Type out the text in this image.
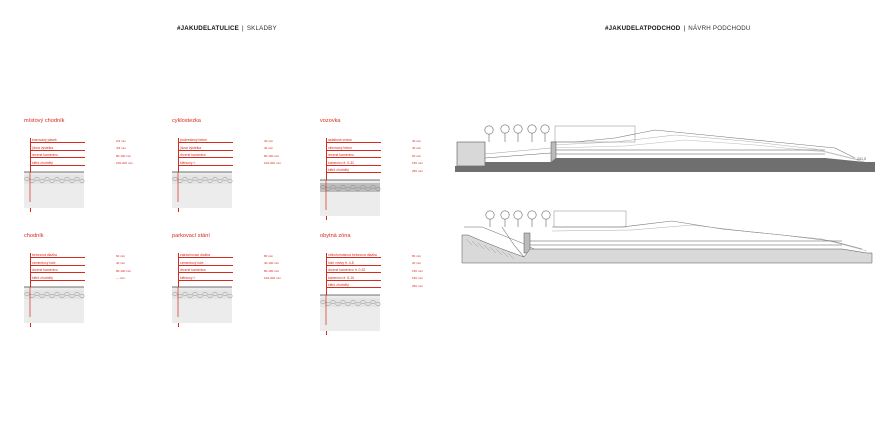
#JAKUDELATULICE | SKLADBY	#JAKUDELATPODCHOD | NÁVRH PODCHODU
místový chodník
tvarovaný pásek	2/3 mm
jílová výstelka	4/3 mm
drcené kamenivo	80-100 mm
štěrk zhutnělý	100-200 mm
cyklostezka
prokreslený beton	40 mm
jílová výstelka	40 mm
drcené kamenivo	80-100 mm
štěrkový ř.	100-200 mm
vozovka
asfaltová vrstva	40 mm
vibrovaný beton	40 mm
drcené kamenivo	60 mm
kamenivo fr. 0-32	150 mm
štěrk zhutnělý	250 mm
chodník
betonová dlažba	60 mm
cementový lože	40 mm
drcené kamenivo	80-100 mm
štěrk zhutnělý	— mm
parkovací stání
zatravňovací dlažba	80 mm
cementový lože	40-100 mm
drcené kamenivo	80-100 mm
štěrkový ř.	100-200 mm
obytná zóna
velkoformátová betonová dlažba	80 mm
lože vrstvy fr. 4-8	30 mm
drcené kamenivo fr. 0-32	150 mm
kamenivo fr. 8-16	150 mm
štěrk zhutnělý	250 mm
241,5
